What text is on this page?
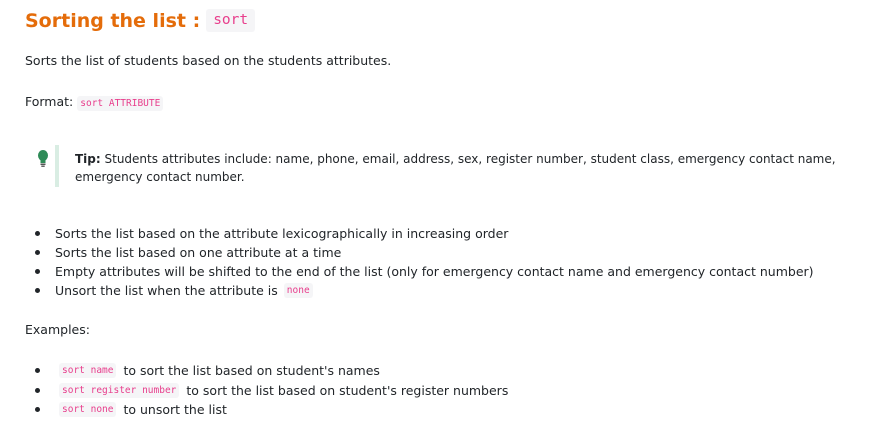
Sorting the list : sort

Sorts the list of students based on the students attributes.

Format: sort ATTRIBUTE

Tip: Students attributes include: name, phone, email, address, sex, register number, student class, emergency contact name, emergency contact number.
Sorts the list based on the attribute lexicographically in increasing order
Sorts the list based on one attribute at a time
Empty attributes will be shifted to the end of the list (only for emergency contact name and emergency contact number)
Unsort the list when the attribute is none

Examples:

sort name to sort the list based on student's names
sort register number to sort the list based on student's register numbers
sort none to unsort the list
